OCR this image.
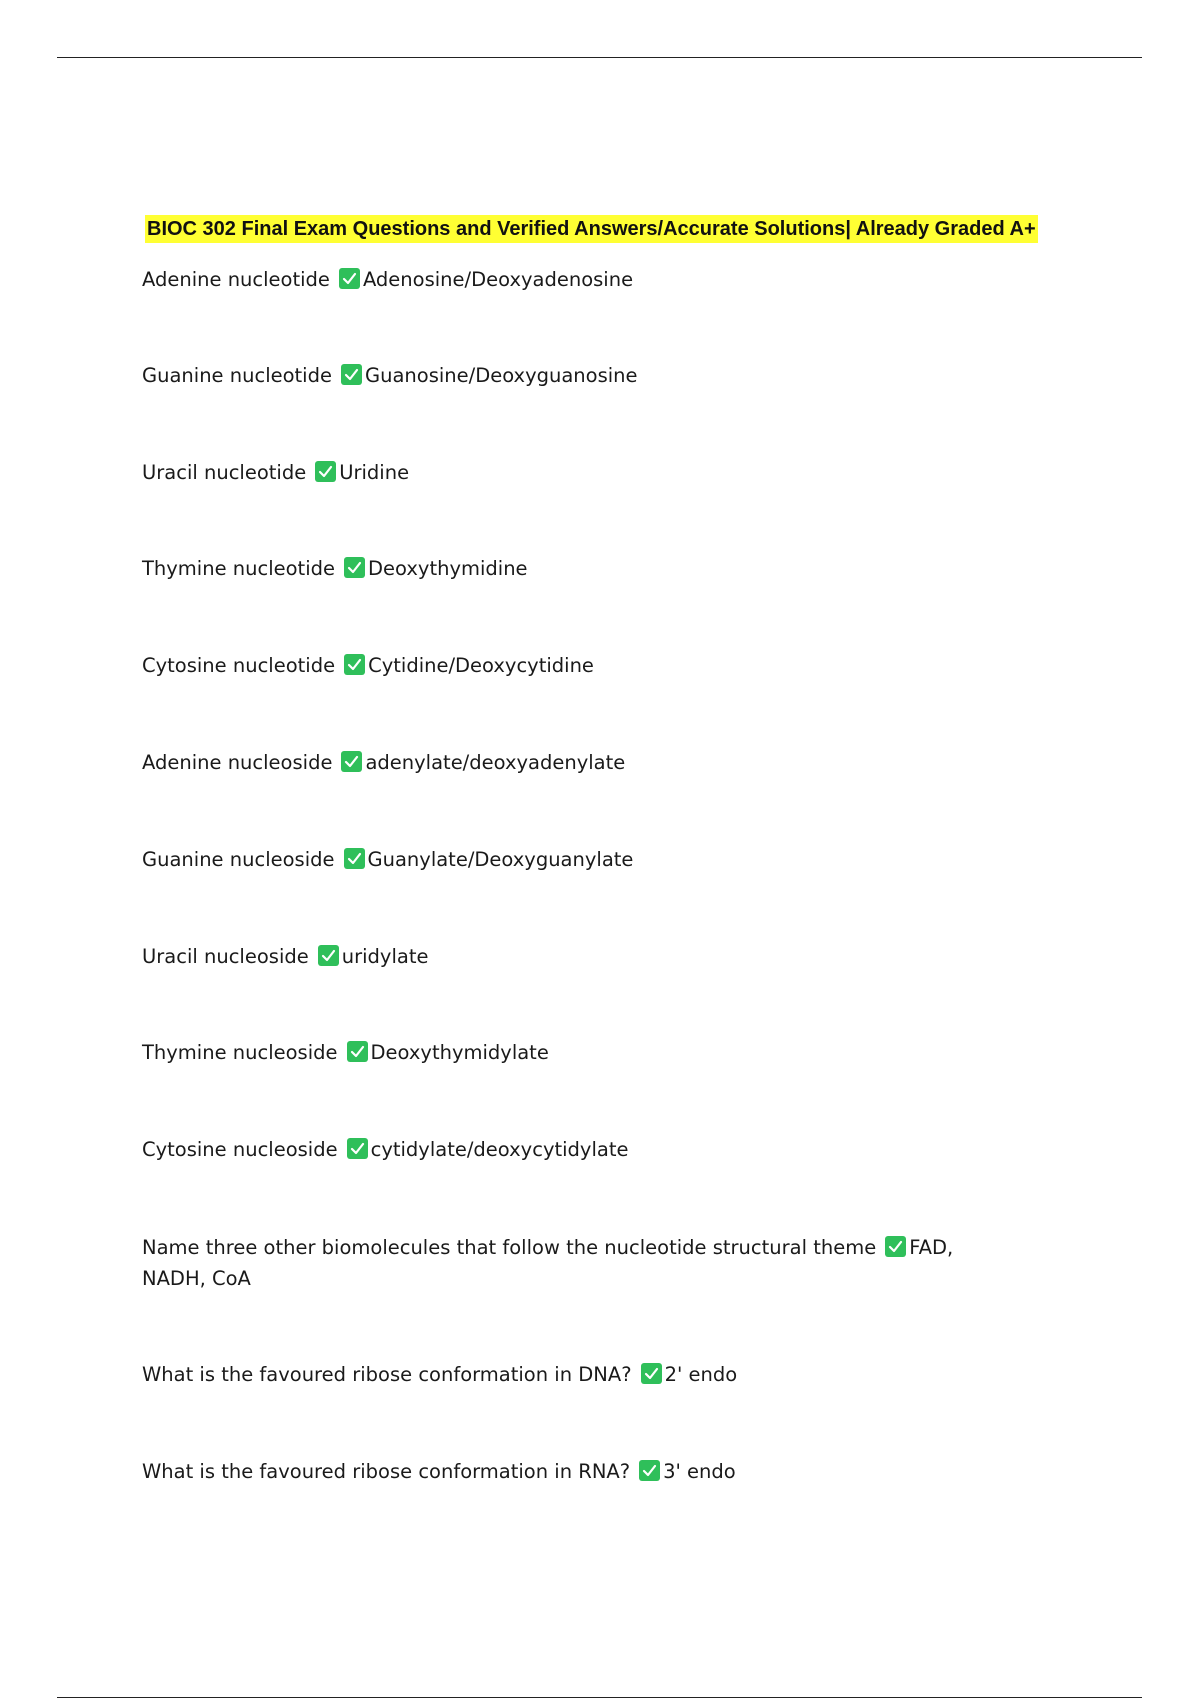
BIOC 302 Final Exam Questions and Verified Answers/Accurate Solutions| Already Graded A+
Adenine nucleotide Adenosine/Deoxyadenosine
Guanine nucleotide Guanosine/Deoxyguanosine
Uracil nucleotide Uridine
Thymine nucleotide Deoxythymidine
Cytosine nucleotide Cytidine/Deoxycytidine
Adenine nucleoside adenylate/deoxyadenylate
Guanine nucleoside Guanylate/Deoxyguanylate
Uracil nucleoside uridylate
Thymine nucleoside Deoxythymidylate
Cytosine nucleoside cytidylate/deoxycytidylate
Name three other biomolecules that follow the nucleotide structural theme FAD, NADH, CoA
What is the favoured ribose conformation in DNA? 2' endo
What is the favoured ribose conformation in RNA? 3' endo
